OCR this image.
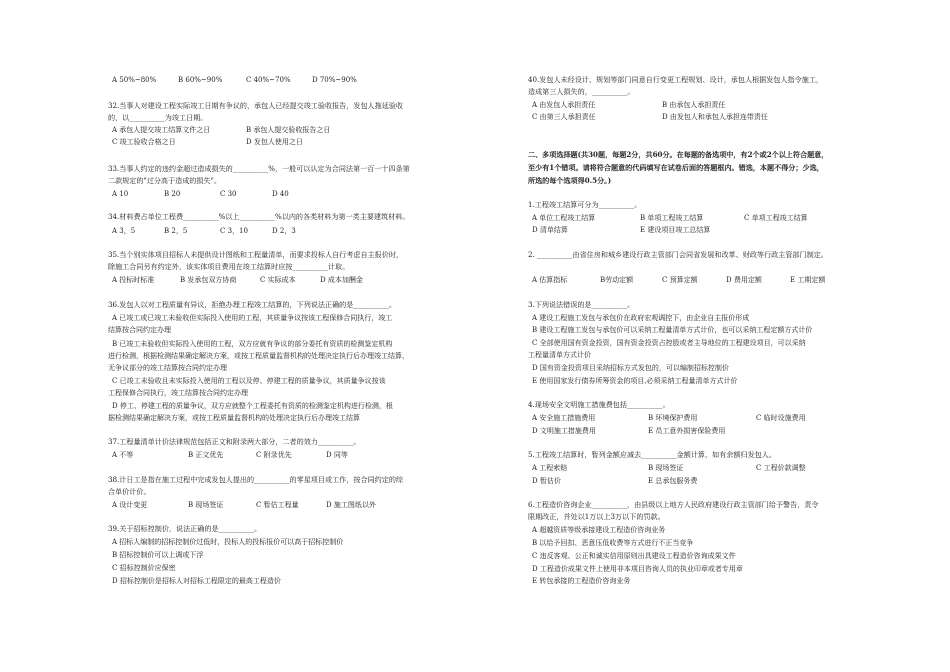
A 50%~80%	B 60%~90%	C 40%~70%	D 70%~90%
32.当事人对建设工程实际竣工日期有争议的，承包人已经提交竣工验收报告，发包人拖延验收
的，以__________为竣工日期。
A 承包人提交竣工结算文件之日	B 承包人提交验收报告之日
C 竣工验收合格之日	D 发包人使用之日
33.当事人约定的违约金超过造成损失的__________%，一般可以认定为合同法第一百一十四条第
二款规定的"过分高于造成的损失"。
A 10	B 20	C 30	D 40
34.材料费占单位工程费__________%以上__________%以内的各类材料为第一类主要建筑材料。
A 3，5	B 2，5	C 3，10	D 2，3
35.当个别实体项目招标人未提供设计图纸和工程量清单，而要求投标人自行考虑自主报价时，
除施工合同另有约定外，该实体项目费用在竣工结算时应按__________计取。
A 投标时标准	B 发承包双方协商	C 实际成本	D 成本加酬金
36.发包人以对工程质量有异议，拒绝办理工程竣工结算的，下列说法正确的是__________。
A 已竣工或已竣工未验收但实际投入使用的工程，其质量争议按该工程保修合同执行，竣工
结算按合同约定办理
B 已竣工未验收但实际投入使用的工程，双方应就有争议的部分委托有资质的检测鉴定机构
进行检测，根据检测结果确定解决方案，或按工程质量监督机构的处理决定执行后办理竣工结算，
无争议部分的竣工结算按合同约定办理
C 已竣工未验收且未实际投入使用的工程以及停、停建工程的质量争议，其质量争议按该
工程保修合同执行，竣工结算按合同约定办理
D 停工、停建工程的质量争议，双方应就整个工程委托有资质的检测鉴定机构进行检测，根
据检测结果确定解决方案，或按工程质量监督机构的处理决定执行后办理竣工结算
37.工程量清单计价法律规范包括正文和附录两大部分，二者的效力__________。
A 不等	B 正文优先	C 附录优先	D 同等
38.计日工是指在施工过程中完成发包人提出的__________的零星项目或工作，按合同约定的综
合单价计价。
A 设计变更	B 现场签证	C 暂估工程量	D 施工图纸以外
39.关于招标控制价，说法正确的是__________。
A 招标人编制的招标控制价过低时，投标人的投标报价可以高于招标控制价
B 招标控制价可以上调或下浮
C 招标控制价应保密
D 招标控制价是招标人对招标工程限定的最高工程造价
40.发包人未经设计、规划等部门同意自行变更工程规划、设计，承包人根据发包人指令施工，
造成第三人损失的，__________。
A 由发包人承担责任	B 由承包人承担责任
C 由第三人承担责任	D 由发包人和承包人承担连带责任
二、多项选择题(共30题，每题2分，共60分。在每题的备选项中，有2个或2个以上符合题意，
至少有1个错项。请将符合题意的代码填写在试卷后面的答题框内。错选，本题不得分；少选，
所选的每个选项得0.5分。)
1.工程竣工结算可分为__________。
A 单位工程竣工结算	B 单项工程竣工结算	C 单项工程竣工结算
D 清单结算	E 建设项目竣工总结算
2. __________由省住房和城乡建设行政主管部门会同省发展和改革、财政等行政主管部门制定。
A 估算指标	B劳动定额	C 预算定额	D 费用定额	E 工期定额
3.下列说法错误的是__________。
A 建设工程施工发包与承包价在政府宏观调控下，由企业自主报价形成
B 建设工程施工发包与承包价可以采纳工程量清单方式计价，也可以采纳工程定额方式计价
C 全部使用国有资金投资，国有资金投资占控股或者主导地位的工程建设项目，可以采纳
工程量清单方式计价
D 国有资金投资项目采纳招标方式发包的，可以编制招标控制价
E 使用国家发行债券所筹资金的项目,必须采纳工程量清单方式计价
4.现场安全文明施工措施费包括__________。
A 安全施工措施费用	B 环境保护费用	C 临时设施费用
D 文明施工措施费用	E 员工意外损害保险费用
5.工程竣工结算时，暂列金额应减去__________金额计算，如有余额归发包人。
A 工程索赔	B 现场签证	C 工程价款调整
D 暂估价	E 总承包服务费
6.工程造价咨询企业__________，由县级以上地方人民政府建设行政主管部门给予警告，责令
限期改正，并处以1万以上3万以下的罚款。
A 超越资质等级承接建设工程造价咨询业务
B 以给予回扣、恶意压低收费等方式进行不正当竞争
C 违反客观、公正和诚实信用原则出具建设工程造价咨询成果文件
D 工程造价成果文件上使用非本项目咨询人员的执业印章或者专用章
E 转包承接的工程造价咨询业务
